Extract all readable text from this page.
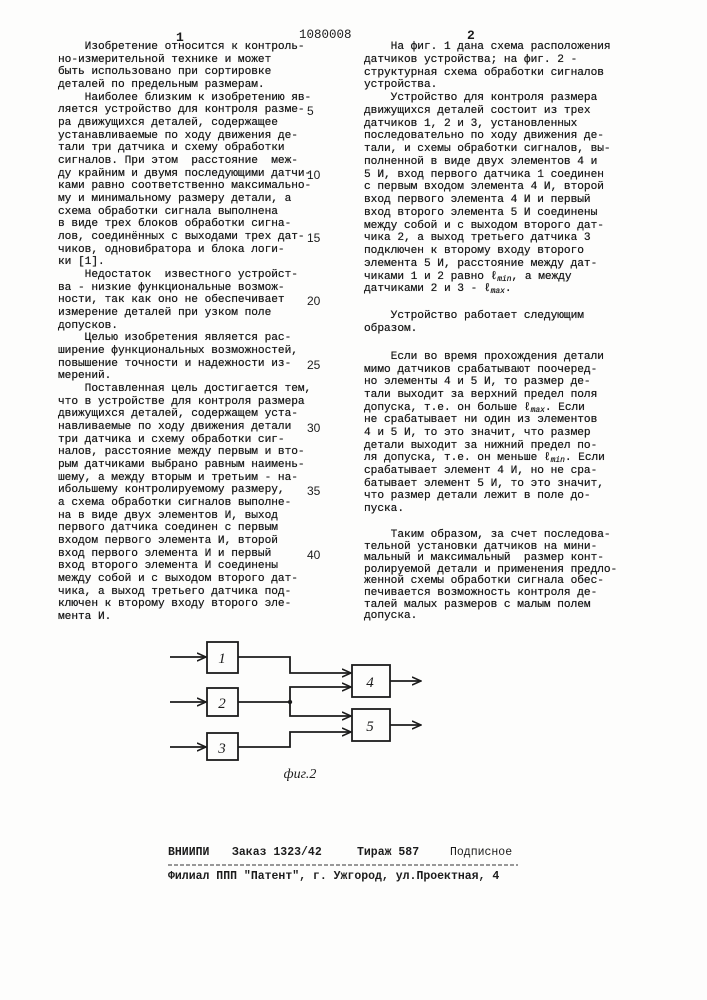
1	1080008	2
Изобретение относится к контроль-
но-измерительной технике и может
быть использовано при сортировке
деталей по предельным размерам.
Наиболее близким к изобретению яв-
ляется устройство для контроля разме-
ра движущихся деталей, содержащее
устанавливаемые по ходу движения де-
тали три датчика и схему обработки
сигналов. При этом  расстояние  меж-
ду крайним и двумя последующими датчи-
ками равно соответственно максимально-
му и минимальному размеру детали, а
схема обработки сигнала выполнена
в виде трех блоков обработки сигна-
лов, соединённых с выходами трех дат-
чиков, одновибратора и блока логи-
ки [1].
Недостаток  известного устройст-
ва - низкие функциональные возмож-
ности, так как оно не обеспечивает
измерение деталей при узком поле
допусков.
Целью изобретения является рас-
ширение функциональных возможностей,
повышение точности и надежности из-
мерений.
Поставленная цель достигается тем,
что в устройстве для контроля размера
движущихся деталей, содержащем уста-
навливаемые по ходу движения детали
три датчика и схему обработки сиг-
налов, расстояние между первым и вто-
рым датчиками выбрано равным наимень-
шему, а между вторым и третьим - на-
ибольшему контролируемому размеру,
а схема обработки сигналов выполне-
на в виде двух элементов И, выход
первого датчика соединен с первым
входом первого элемента И, второй
вход первого элемента И и первый
вход второго элемента И соединены
между собой и с выходом второго дат-
чика, а выход третьего датчика под-
ключен к второму входу второго эле-
мента И.
5
10
15
20
25
30
35
40
На фиг. 1 дана схема расположения
датчиков устройства; на фиг. 2 -
структурная схема обработки сигналов
устройства.
Устройство для контроля размера
движущихся деталей состоит из трех
датчиков 1, 2 и 3, установленных
последовательно по ходу движения де-
тали, и схемы обработки сигналов, вы-
полненной в виде двух элементов 4 и
5 И, вход первого датчика 1 соединен
с первым входом элемента 4 И, второй
вход первого элемента 4 И и первый
вход второго элемента 5 И соединены
между собой и с выходом второго дат-
чика 2, а выход третьего датчика 3
подключен к второму входу второго
элемента 5 И, расстояние между дат-
чиками 1 и 2 равно ℓmin, а между
датчиками 2 и 3 - ℓmax.
Устройство работает следующим
образом.
Если во время прохождения детали
мимо датчиков срабатывают поочеред-
но элементы 4 и 5 И, то размер де-
тали выходит за верхний предел поля
допуска, т.е. он больше ℓmax. Если
не срабатывает ни один из элементов
4 и 5 И, то это значит, что размер
детали выходит за нижний предел по-
ля допуска, т.е. он меньше ℓmin. Если
срабатывает элемент 4 И, но не сра-
батывает элемент 5 И, то это значит,
что размер детали лежит в поле до-
пуска.
Таким образом, за счет последова-
тельной установки датчиков на мини-
мальный и максимальный  размер конт-
ролируемой детали и применения предло-
женной схемы обработки сигнала обес-
печивается возможность контроля де-
талей малых размеров с малым полем
допуска.
1
2
3
4
5
фиг.2
ВНИИПИ Заказ 1323/42	Тираж 587	Подписное
Филиал ППП "Патент", г. Ужгород, ул.Проектная, 4
